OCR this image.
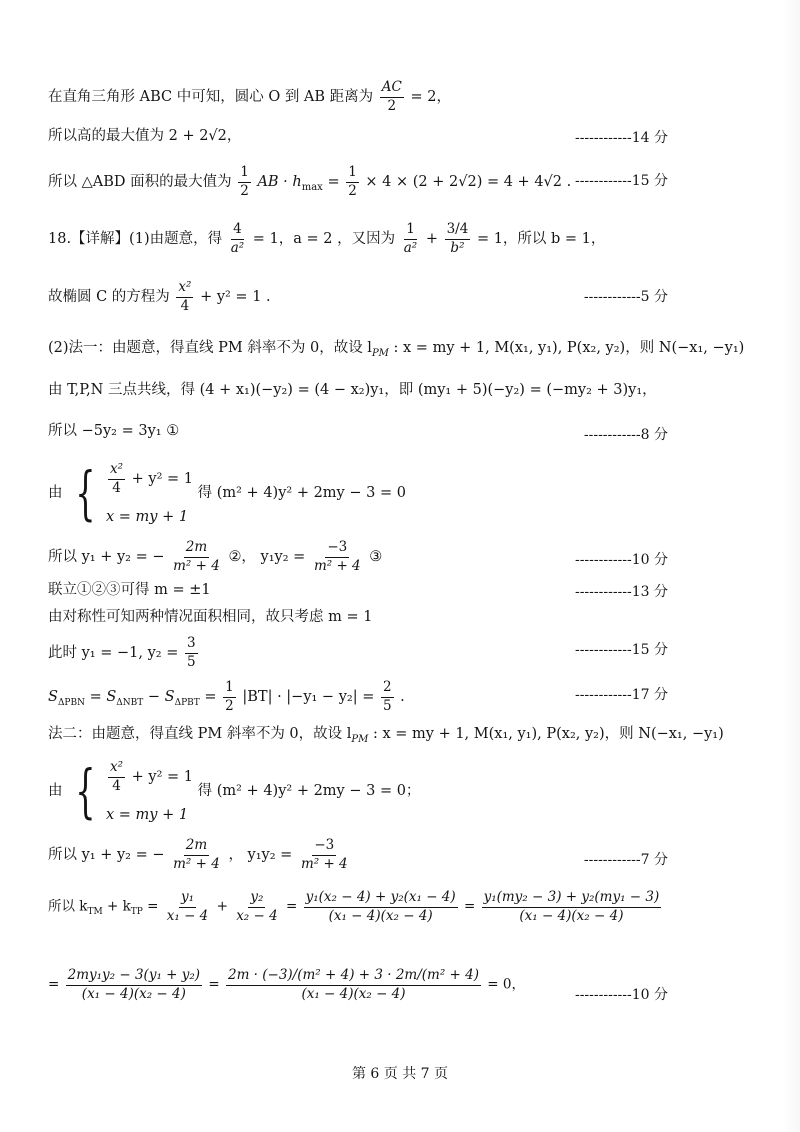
在直角三角形 ABC 中可知，圆心 O 到 AB 距离为 $\frac{AC}{2} = 2$，
所以高的最大值为 2 + 2√2，	------------14 分
所以 △ABD 面积的最大值为 $\frac{1}{2}$ AB · $h_{max} = \frac{1}{2} \times 4 \times (2 + 2√2) = 4 + 4√2$ . ------------15 分
18.【详解】(1)由题意，得 $\frac{4}{\text{a²}} = 1$，a = 2 ，又因为 $\frac{1}{\text{a²}} + \frac{3/4}{\text{b²}} = 1$，所以 b = 1，
故椭圆 C 的方程为 $\frac{\text{x²}}{4} + y^2 = 1$ .	------------5 分
(2)法一：由题意，得直线 PM 斜率不为 0，故设 $l_{PM}$ : x = my + 1, M(x₁, y₁), P(x₂, y₂)，则 N(−x₁, −y₁)
由 T,P,N 三点共线，得 (4 + x₁)(−y₂) = (4 − x₂)y₁，即 (my₁ + 5)(−y₂) = (−my₂ + 3)y₁，
所以 −5y₂ = 3y₁ ①	------------8 分
由 { $\frac{\text{x²}}{4} + y^2 = 1$
x = my + 1
得 (m² + 4)y² + 2my − 3 = 0
所以 y₁ + y₂ = − $\frac{2m}{\text{m² + 4}}$ ②， $y_1y_2 = \frac{-3}{\text{m² + 4}}$ ③	------------10 分
联立①②③可得 m = ±1	------------13 分
由对称性可知两种情况面积相同，故只考虑 m = 1
此时 y₁ = −1, $y_2 = \frac{3}{5}$	------------15 分
$S_{\Delta PBN} = S_{\Delta NBT} - S_{\Delta PBT} = \frac{1}{2} |BT| \cdot |-y_1 - y_2| = \frac{2}{5}$ .	------------17 分
法二：由题意，得直线 PM 斜率不为 0，故设 $l_{PM}$ : x = my + 1, M(x₁, y₁), P(x₂, y₂)，则 N(−x₁, −y₁)
由 { $\frac{\text{x²}}{4} + y^2 = 1$
x = my + 1
得 (m² + 4)y² + 2my − 3 = 0；
所以 y₁ + y₂ = − $\frac{2m}{\text{m² + 4}}$ ， $y_1y_2 = \frac{-3}{\text{m² + 4}}$	------------7 分
所以 $k_{TM} + k_{TP} = \frac{\text{y₁}}{\text{x₁ − 4}} + \frac{\text{y₂}}{\text{x₂ − 4}} = \frac{\text{y₁(x₂ − 4) + y₂(x₁ − 4)}}{\text{(x₁ − 4)(x₂ − 4)}} = \frac{\text{y₁(my₂ − 3) + y₂(my₁ − 3)}}{\text{(x₁ − 4)(x₂ − 4)}}$
= $\frac{\text{2my₁y₂ − 3(y₁ + y₂)}}{\text{(x₁ − 4)(x₂ − 4)}} = \frac{\text{2m · (−3)/(m² + 4) + 3 · 2m/(m² + 4)}}{\text{(x₁ − 4)(x₂ − 4)}} = 0$，
------------10 分
第 6 页 共 7 页
